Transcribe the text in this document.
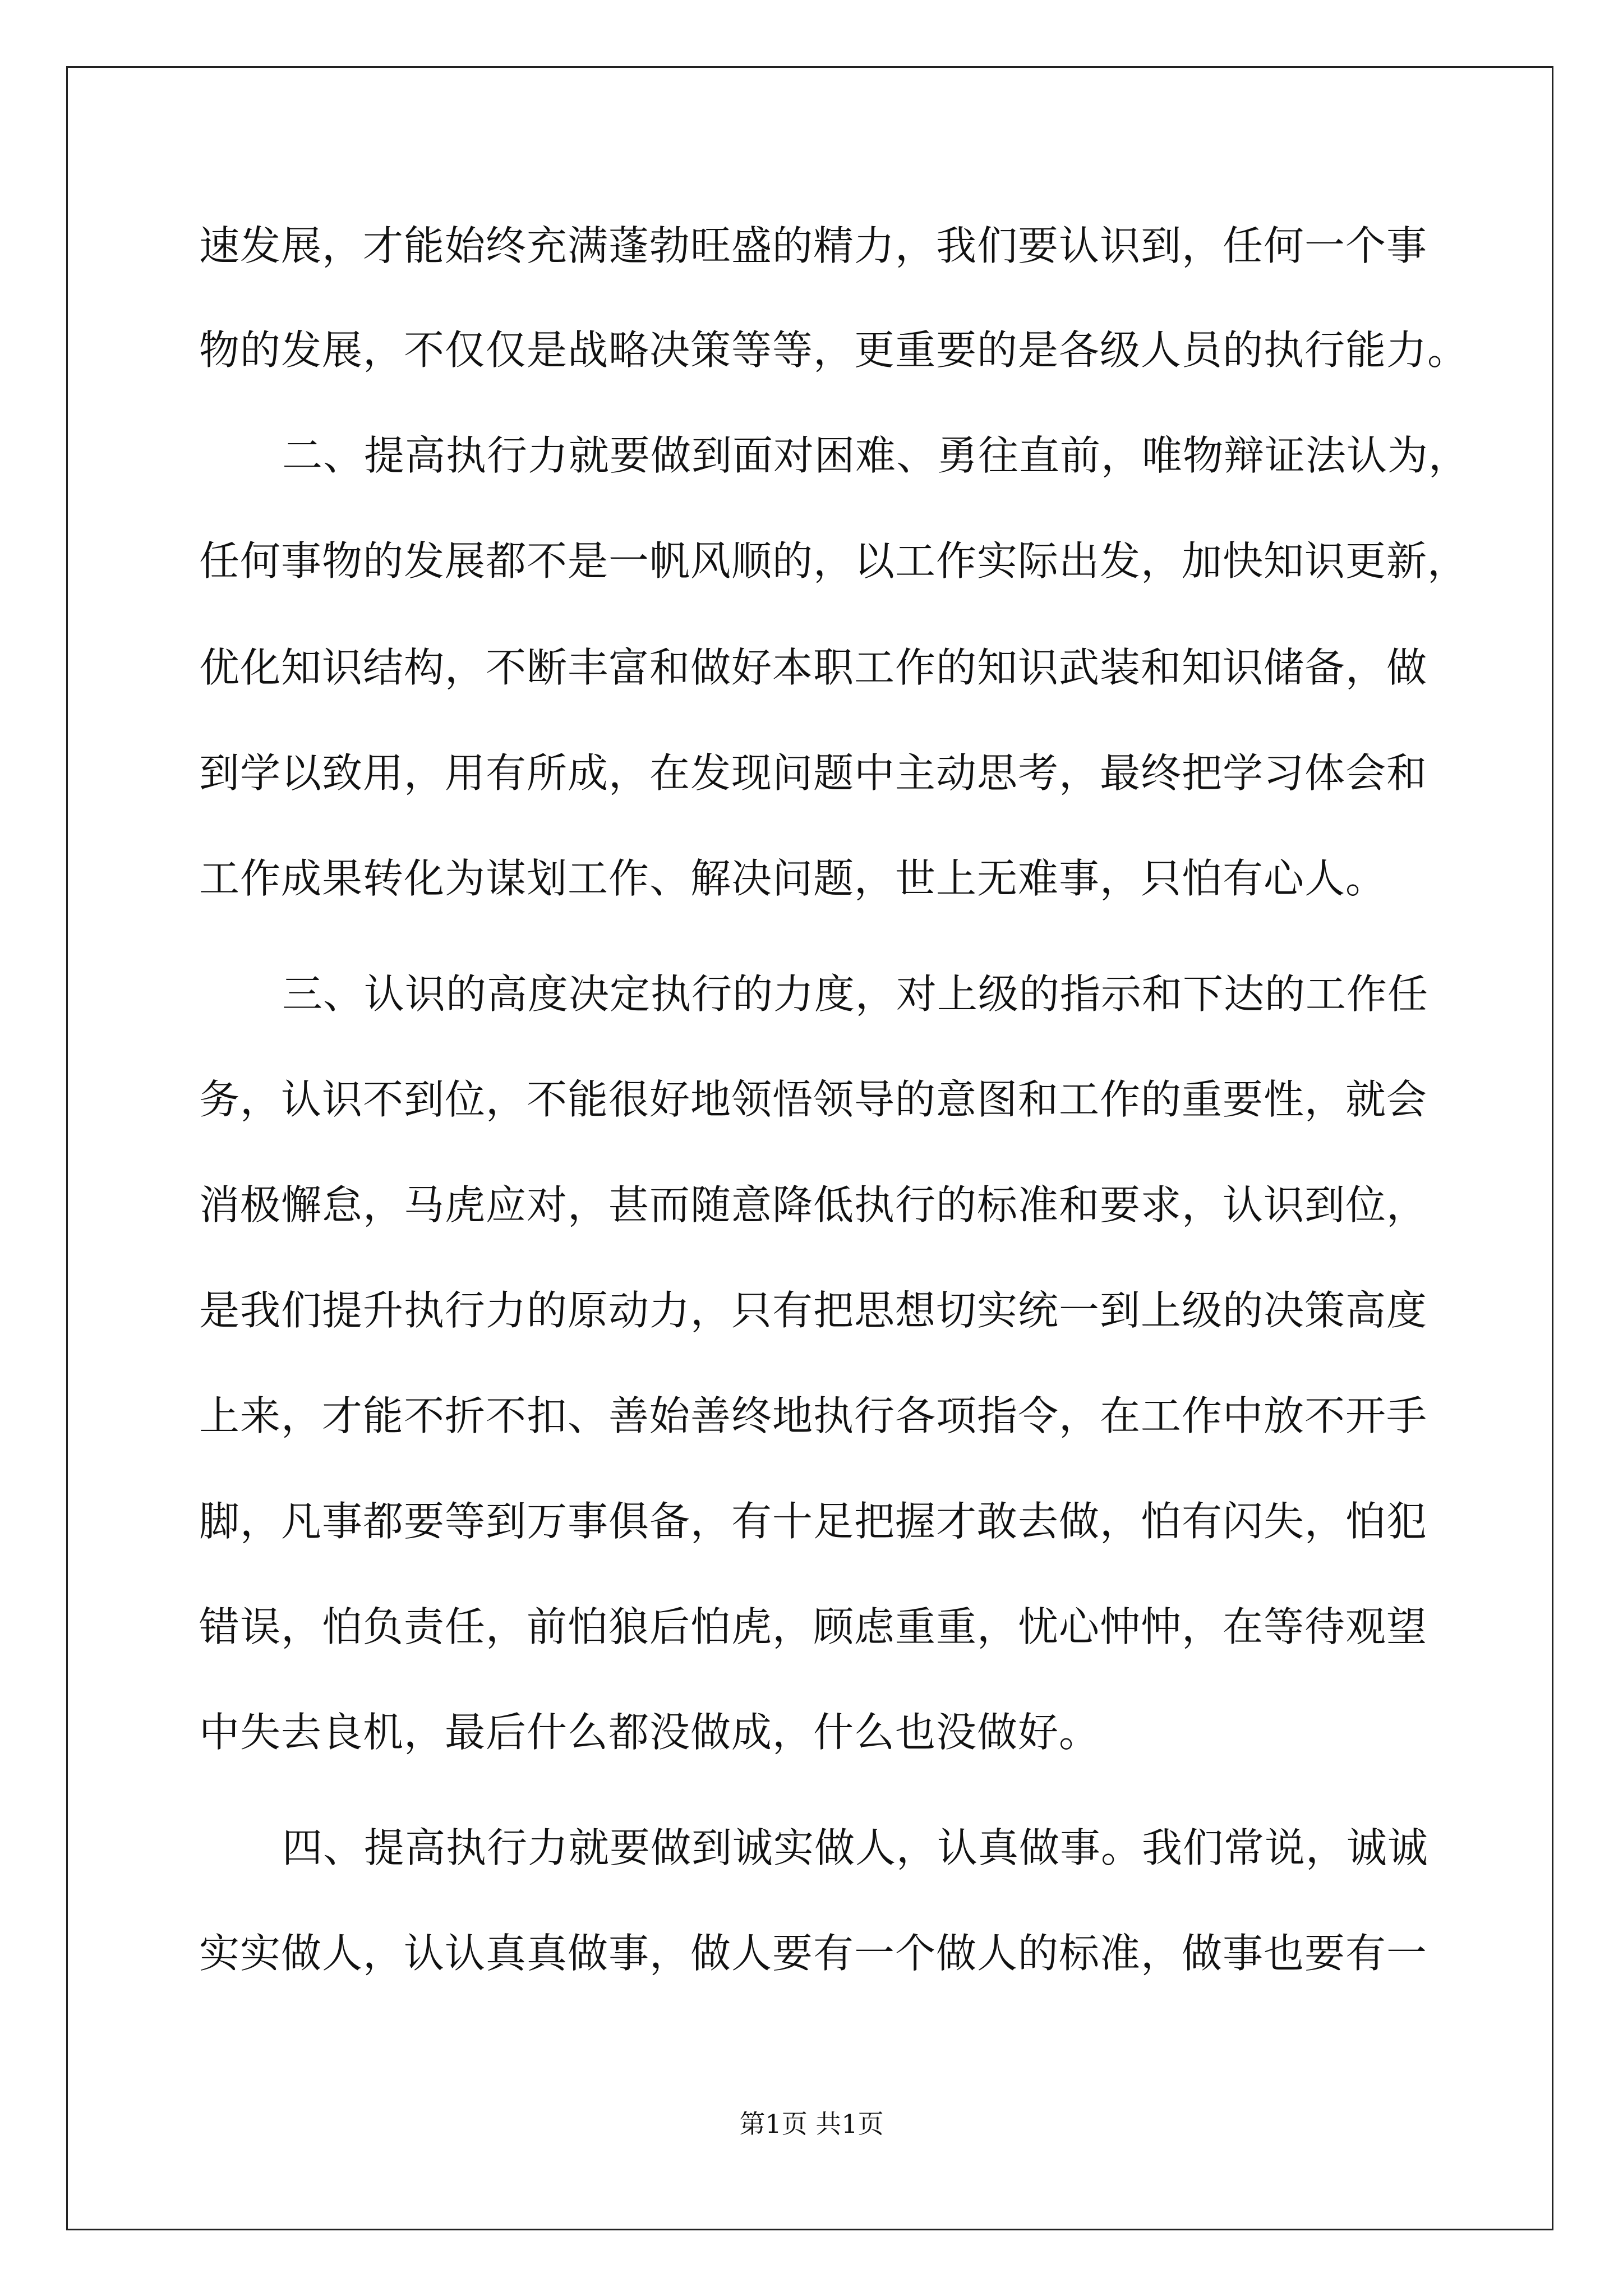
速发展，才能始终充满蓬勃旺盛的精力，我们要认识到，任何一个事
物的发展，不仅仅是战略决策等等，更重要的是各级人员的执行能力。
二、提高执行力就要做到面对困难、勇往直前，唯物辩证法认为，
任何事物的发展都不是一帆风顺的，以工作实际出发，加快知识更新，
优化知识结构，不断丰富和做好本职工作的知识武装和知识储备，做
到学以致用，用有所成，在发现问题中主动思考，最终把学习体会和
工作成果转化为谋划工作、解决问题，世上无难事，只怕有心人。
三、认识的高度决定执行的力度，对上级的指示和下达的工作任
务，认识不到位，不能很好地领悟领导的意图和工作的重要性，就会
消极懈怠，马虎应对，甚而随意降低执行的标准和要求，认识到位，
是我们提升执行力的原动力，只有把思想切实统一到上级的决策高度
上来，才能不折不扣、善始善终地执行各项指令，在工作中放不开手
脚，凡事都要等到万事俱备，有十足把握才敢去做，怕有闪失，怕犯
错误，怕负责任，前怕狼后怕虎，顾虑重重，忧心忡忡，在等待观望
中失去良机，最后什么都没做成，什么也没做好。
四、提高执行力就要做到诚实做人，认真做事。我们常说，诚诚
实实做人，认认真真做事，做人要有一个做人的标准，做事也要有一
第1页 共1页
